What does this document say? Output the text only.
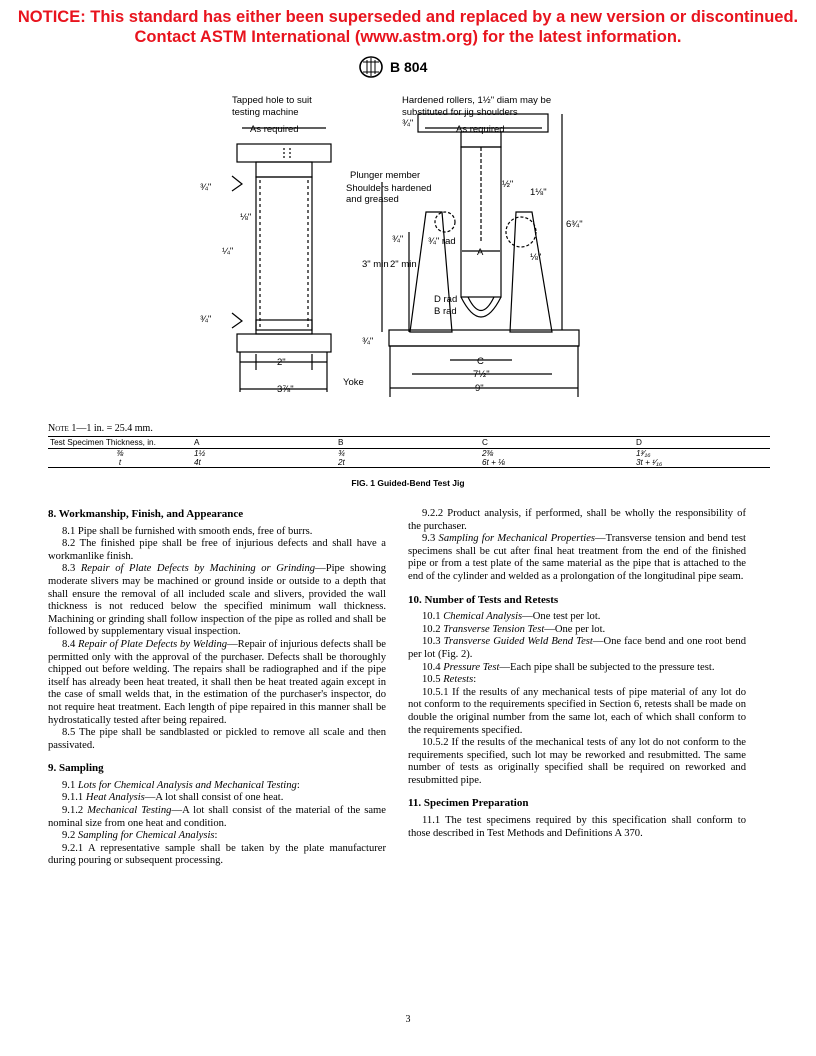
NOTICE: This standard has either been superseded and replaced by a new version or discontinued.
Contact ASTM International (www.astm.org) for the latest information.
B 804
Tapped hole to suit
testing machine
As required
Hardened rollers, 1½" diam may be
substituted for jig shoulders
As required
Plunger member
Shoulders hardened
and greased
D rad
B rad
Yoke
A
C
2"
3⅞"
7½"
9"
6¾"
3" min 2" min
¾"
¾"
¾"
¾"
¾" rad
⅛"
¼"
½"
1⅛"
⅛"
¾"
Note 1—1 in. = 25.4 mm.
Test Specimen Thickness, in.	A	B	C	D
⅜	1½	¾	2⅜	1³⁄₁₆
t	4t	2t	6t + ⅛	3t + ¹⁄₁₆
FIG. 1 Guided-Bend Test Jig
8. Workmanship, Finish, and Appearance

8.1 Pipe shall be furnished with smooth ends, free of burrs.

8.2 The finished pipe shall be free of injurious defects and shall have a workmanlike finish.

8.3 Repair of Plate Defects by Machining or Grinding—Pipe showing moderate slivers may be machined or ground inside or outside to a depth that shall ensure the removal of all included scale and slivers, provided the wall thickness is not reduced below the specified minimum wall thickness. Machining or grinding shall follow inspection of the pipe as rolled and shall be followed by supplementary visual inspection.

8.4 Repair of Plate Defects by Welding—Repair of injurious defects shall be permitted only with the approval of the purchaser. Defects shall be thoroughly chipped out before welding. The repairs shall be radiographed and if the pipe itself has already been heat treated, it shall then be heat treated again except in the case of small welds that, in the estimation of the purchaser's inspector, do not require heat treatment. Each length of pipe repaired in this manner shall be hydrostatically tested after being repaired.

8.5 The pipe shall be sandblasted or pickled to remove all scale and then passivated.

9. Sampling

9.1 Lots for Chemical Analysis and Mechanical Testing:

9.1.1 Heat Analysis—A lot shall consist of one heat.

9.1.2 Mechanical Testing—A lot shall consist of the material of the same nominal size from one heat and condition.

9.2 Sampling for Chemical Analysis:

9.2.1 A representative sample shall be taken by the plate manufacturer during pouring or subsequent processing.

9.2.2 Product analysis, if performed, shall be wholly the responsibility of the purchaser.

9.3 Sampling for Mechanical Properties—Transverse tension and bend test specimens shall be cut after final heat treatment from the end of the finished pipe or from a test plate of the same material as the pipe that is attached to the end of the cylinder and welded as a prolongation of the longitudinal pipe seam.

10. Number of Tests and Retests

10.1 Chemical Analysis—One test per lot.

10.2 Transverse Tension Test—One per lot.

10.3 Transverse Guided Weld Bend Test—One face bend and one root bend per lot (Fig. 2).

10.4 Pressure Test—Each pipe shall be subjected to the pressure test.

10.5 Retests:

10.5.1 If the results of any mechanical tests of pipe material of any lot do not conform to the requirements specified in Section 6, retests shall be made on double the original number from the same lot, each of which shall conform to the requirements specified.

10.5.2 If the results of the mechanical tests of any lot do not conform to the requirements specified, such lot may be reworked and resubmitted. The same number of tests as originally specified shall be required on reworked and resubmitted pipe.

11. Specimen Preparation

11.1 The test specimens required by this specification shall conform to those described in Test Methods and Definitions A 370.

3
